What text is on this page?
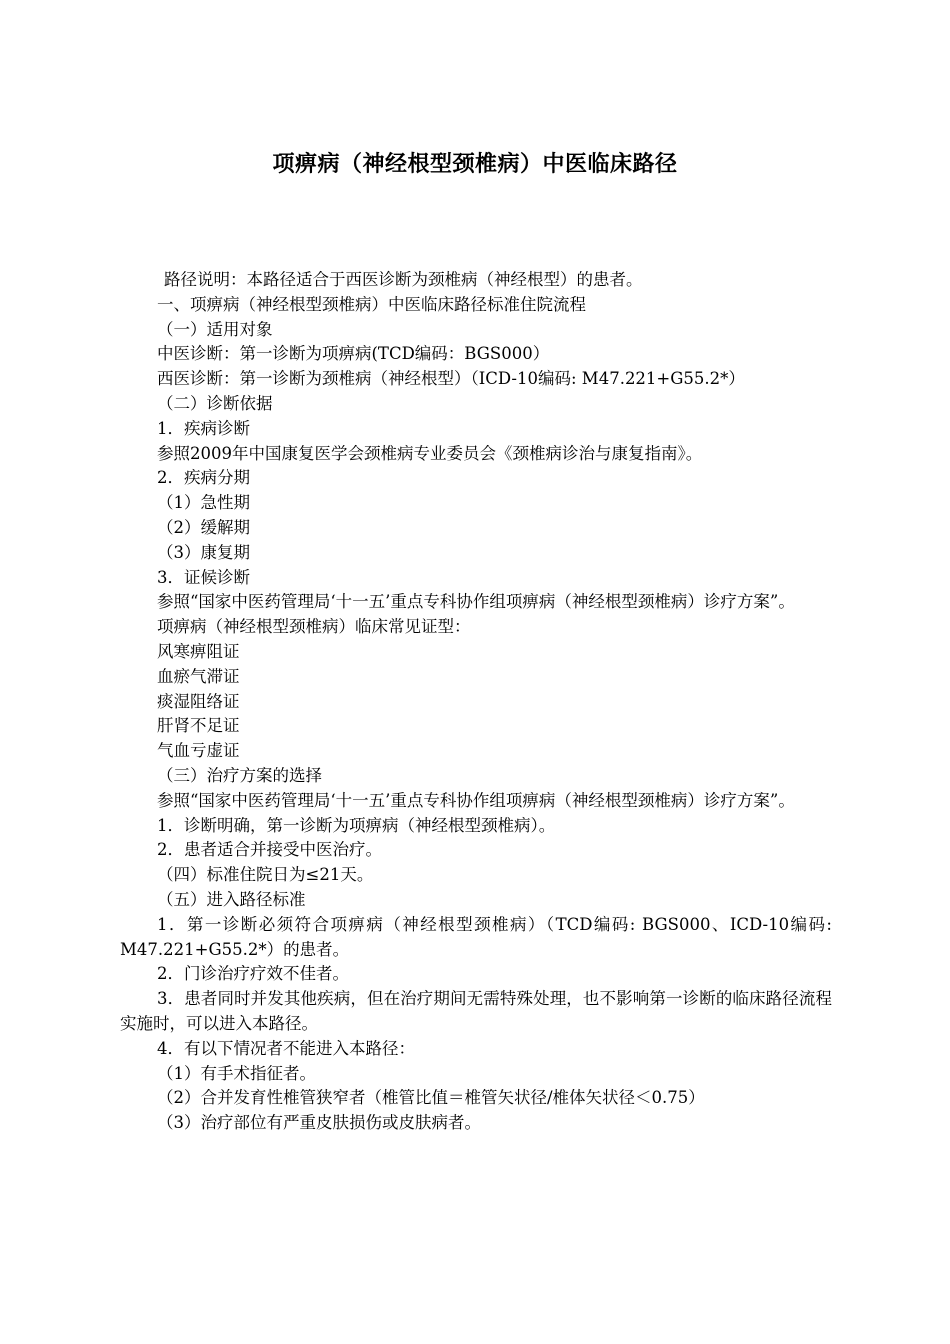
项痹病（神经根型颈椎病）中医临床路径

路径说明：本路径适合于西医诊断为颈椎病（神经根型）的患者。

一、项痹病（神经根型颈椎病）中医临床路径标准住院流程

（一）适用对象

中医诊断：第一诊断为项痹病(TCD编码：BGS000）

西医诊断：第一诊断为颈椎病（神经根型）（ICD-10编码: M47.221+G55.2*）

（二）诊断依据

1．疾病诊断

参照2009年中国康复医学会颈椎病专业委员会《颈椎病诊治与康复指南》。

2．疾病分期

（1）急性期

（2）缓解期

（3）康复期

3．证候诊断

参照“国家中医药管理局‘十一五’重点专科协作组项痹病（神经根型颈椎病）诊疗方案”。

项痹病（神经根型颈椎病）临床常见证型：

风寒痹阻证

血瘀气滞证

痰湿阻络证

肝肾不足证

气血亏虚证

（三）治疗方案的选择

参照“国家中医药管理局‘十一五’重点专科协作组项痹病（神经根型颈椎病）诊疗方案”。

1．诊断明确，第一诊断为项痹病（神经根型颈椎病）。

2．患者适合并接受中医治疗。

（四）标准住院日为≤21天。

（五）进入路径标准

1．第一诊断必须符合项痹病（神经根型颈椎病）（TCD编码: BGS000、ICD-10编码: M47.221+G55.2*）的患者。

2．门诊治疗疗效不佳者。

3．患者同时并发其他疾病，但在治疗期间无需特殊处理，也不影响第一诊断的临床路径流程实施时，可以进入本路径。

4．有以下情况者不能进入本路径：

（1）有手术指征者。

（2）合并发育性椎管狭窄者（椎管比值＝椎管矢状径/椎体矢状径＜0.75）

（3）治疗部位有严重皮肤损伤或皮肤病者。
